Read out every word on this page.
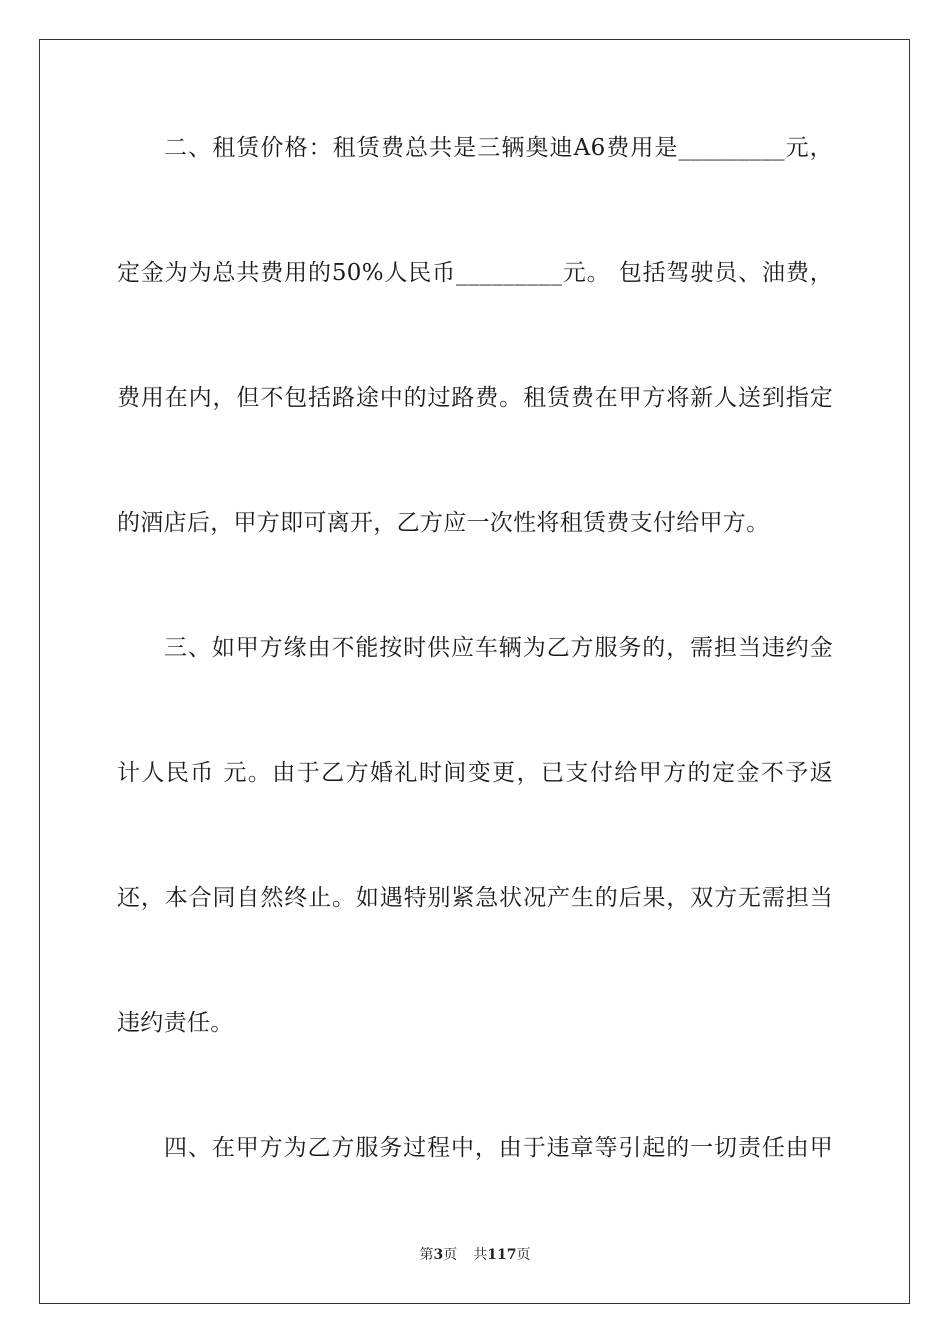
二、租赁价格：租赁费总共是三辆奥迪A6费用是_________元，
定金为为总共费用的50%人民币_________元。 包括驾驶员、油费，
费用在内，但不包括路途中的过路费。租赁费在甲方将新人送到指定
的酒店后，甲方即可离开，乙方应一次性将租赁费支付给甲方。
三、如甲方缘由不能按时供应车辆为乙方服务的，需担当违约金
计人民币 元。由于乙方婚礼时间变更，已支付给甲方的定金不予返
还，本合同自然终止。如遇特别紧急状况产生的后果，双方无需担当
违约责任。
四、在甲方为乙方服务过程中，由于违章等引起的一切责任由甲
第3页 共117页
